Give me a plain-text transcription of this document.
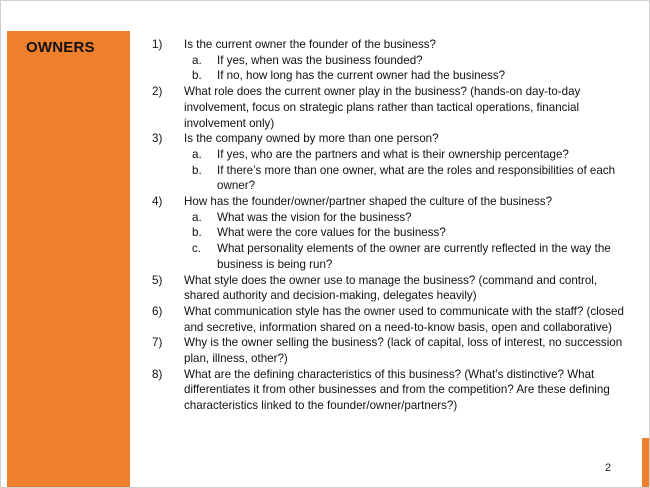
OWNERS	1) Is the current owner the founder of the business?
a. If yes, when was the business founded?
b. If no, how long has the current owner had the business?
2) What role does the current owner play in the business? (hands-on day-to-day involvement, focus on strategic plans rather than tactical operations, financial involvement only)
3) Is the company owned by more than one person?
a. If yes, who are the partners and what is their ownership percentage?
b. If there’s more than one owner, what are the roles and responsibilities of each owner?
4) How has the founder/owner/partner shaped the culture of the business?
a. What was the vision for the business?
b. What were the core values for the business?
c. What personality elements of the owner are currently reflected in the way the business is being run?
5) What style does the owner use to manage the business? (command and control, shared authority and decision-making, delegates heavily)
6) What communication style has the owner used to communicate with the staff? (closed and secretive, information shared on a need-to-know basis, open and collaborative)
7) Why is the owner selling the business? (lack of capital, loss of interest, no succession plan, illness, other?)
8) What are the defining characteristics of this business? (What’s distinctive? What differentiates it from other businesses and from the competition? Are these defining characteristics linked to the founder/owner/partners?)
2
